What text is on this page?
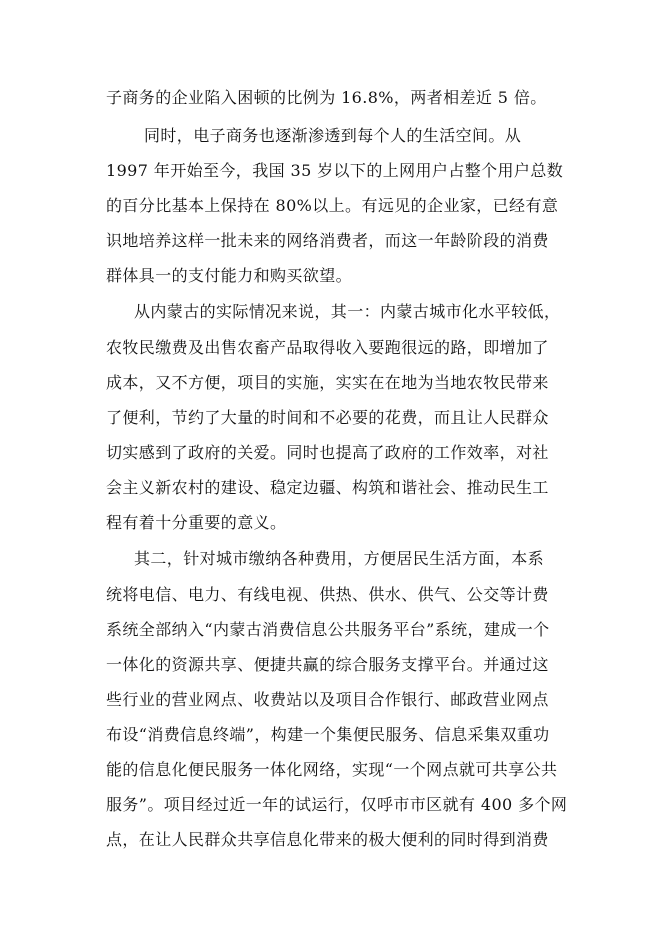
子商务的企业陷入困顿的比例为 16.8%，两者相差近 5 倍。
同时，电子商务也逐渐渗透到每个人的生活空间。从
1997 年开始至今，我国 35 岁以下的上网用户占整个用户总数
的百分比基本上保持在 80%以上。有远见的企业家，已经有意
识地培养这样一批未来的网络消费者，而这一年龄阶段的消费
群体具一的支付能力和购买欲望。
从内蒙古的实际情况来说，其一：内蒙古城市化水平较低，
农牧民缴费及出售农畜产品取得收入要跑很远的路，即增加了
成本，又不方便，项目的实施，实实在在地为当地农牧民带来
了便利，节约了大量的时间和不必要的花费，而且让人民群众
切实感到了政府的关爱。同时也提高了政府的工作效率，对社
会主义新农村的建设、稳定边疆、构筑和谐社会、推动民生工
程有着十分重要的意义。
其二，针对城市缴纳各种费用，方便居民生活方面，本系
统将电信、电力、有线电视、供热、供水、供气、公交等计费
系统全部纳入“内蒙古消费信息公共服务平台”系统，建成一个
一体化的资源共享、便捷共赢的综合服务支撑平台。并通过这
些行业的营业网点、收费站以及项目合作银行、邮政营业网点
布设“消费信息终端”，构建一个集便民服务、信息采集双重功
能的信息化便民服务一体化网络，实现“一个网点就可共享公共
服务”。项目经过近一年的试运行，仅呼市市区就有 400 多个网
点，在让人民群众共享信息化带来的极大便利的同时得到消费
